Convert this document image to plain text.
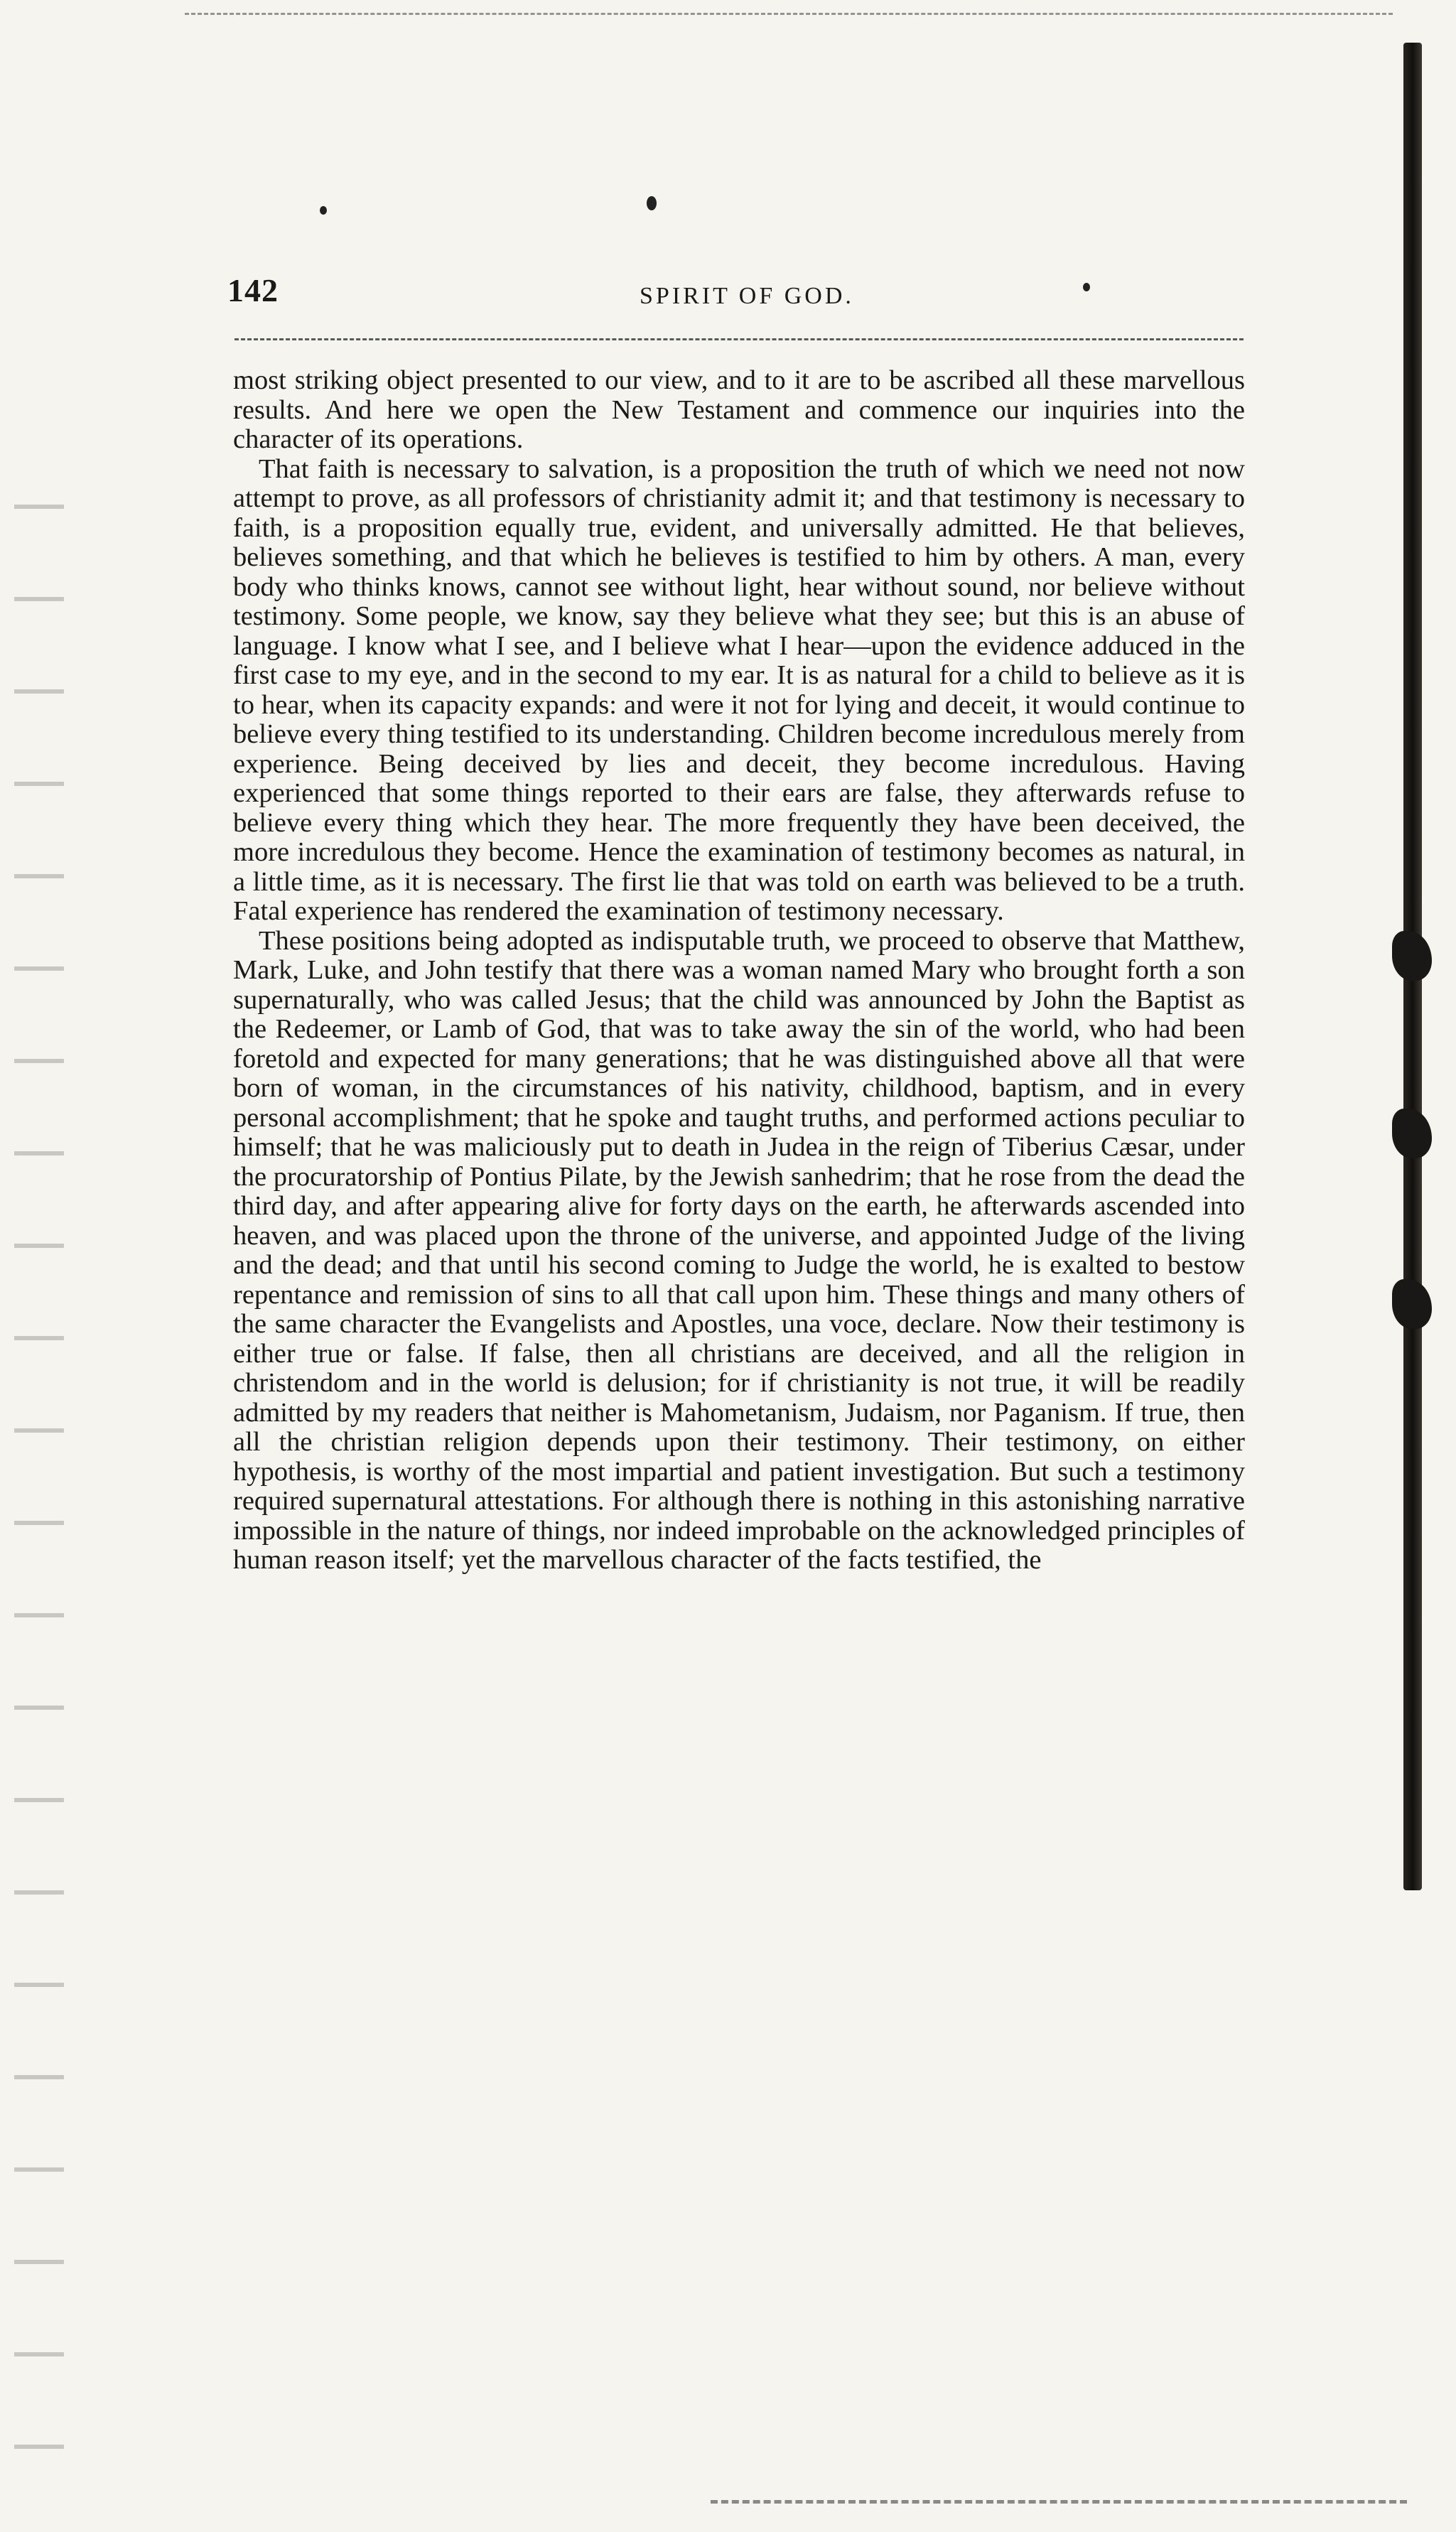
142	SPIRIT OF GOD.

most striking object presented to our view, and to it are to be ascribed all these marvellous results. And here we open the New Testament and commence our inquiries into the character of its operations.

That faith is necessary to salvation, is a proposition the truth of which we need not now attempt to prove, as all professors of christianity admit it; and that testimony is necessary to faith, is a proposition equally true, evident, and universally admitted. He that believes, believes something, and that which he believes is testified to him by others. A man, every body who thinks knows, cannot see without light, hear without sound, nor believe without testimony. Some people, we know, say they believe what they see; but this is an abuse of language. I know what I see, and I believe what I hear—upon the evidence adduced in the first case to my eye, and in the second to my ear. It is as natural for a child to believe as it is to hear, when its capacity expands: and were it not for lying and deceit, it would continue to believe every thing testified to its understanding. Children become incredulous merely from experience. Being deceived by lies and deceit, they become incredulous. Having experienced that some things reported to their ears are false, they afterwards refuse to believe every thing which they hear. The more frequently they have been deceived, the more incredulous they become. Hence the examination of testimony becomes as natural, in a little time, as it is necessary. The first lie that was told on earth was believed to be a truth. Fatal experience has rendered the examination of testimony necessary.

These positions being adopted as indisputable truth, we proceed to observe that Matthew, Mark, Luke, and John testify that there was a woman named Mary who brought forth a son supernaturally, who was called Jesus; that the child was announced by John the Baptist as the Redeemer, or Lamb of God, that was to take away the sin of the world, who had been foretold and expected for many generations; that he was distinguished above all that were born of woman, in the circumstances of his nativity, childhood, baptism, and in every personal accomplishment; that he spoke and taught truths, and performed actions peculiar to himself; that he was maliciously put to death in Judea in the reign of Tiberius Cæsar, under the procuratorship of Pontius Pilate, by the Jewish sanhedrim; that he rose from the dead the third day, and after appearing alive for forty days on the earth, he afterwards ascended into heaven, and was placed upon the throne of the universe, and appointed Judge of the living and the dead; and that until his second coming to Judge the world, he is exalted to bestow repentance and remission of sins to all that call upon him. These things and many others of the same character the Evangelists and Apostles, una voce, declare. Now their testimony is either true or false. If false, then all christians are deceived, and all the religion in christendom and in the world is delusion; for if christianity is not true, it will be readily admitted by my readers that neither is Mahometanism, Judaism, nor Paganism. If true, then all the christian religion depends upon their testimony. Their testimony, on either hypothesis, is worthy of the most impartial and patient investigation. But such a testimony required supernatural attestations. For although there is nothing in this astonishing narrative impossible in the nature of things, nor indeed improbable on the acknowledged principles of human reason itself; yet the marvellous character of the facts testified, the
